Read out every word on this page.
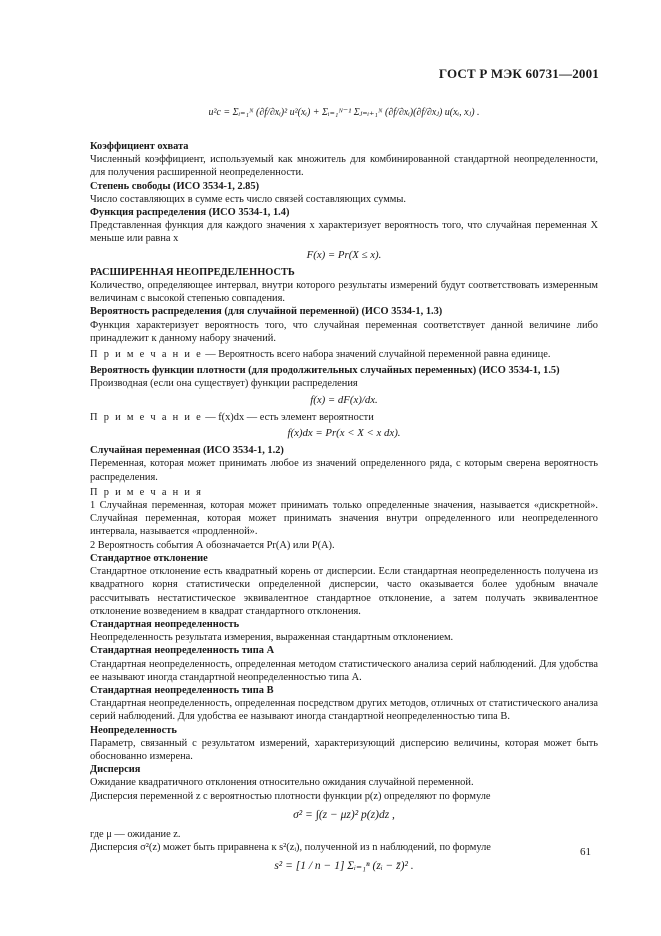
ГОСТ Р МЭК 60731—2001
u²c = Σᵢ₌₁ᴺ (∂f/∂xᵢ)² u²(xᵢ) + Σᵢ₌₁ᴺ⁻¹ Σⱼ₌ᵢ₊₁ᴺ (∂f/∂xᵢ)(∂f/∂xⱼ) u(xᵢ, xⱼ) .

Коэффициент охвата

Численный коэффициент, используемый как множитель для комбинированной стандартной неопределенности, для получения расширенной неопределенности.

Степень свободы (ИСО 3534-1, 2.85)

Число составляющих в сумме есть число связей составляющих суммы.

Функция распределения (ИСО 3534-1, 1.4)

Представленная функция для каждого значения x характеризует вероятность того, что случайная переменная X меньше или равна x

F(x) = Pr(X ≤ x).

РАСШИРЕННАЯ НЕОПРЕДЕЛЕННОСТЬ

Количество, определяющее интервал, внутри которого результаты измерений будут соответствовать измеренным величинам с высокой степенью совпадения.

Вероятность распределения (для случайной переменной) (ИСО 3534-1, 1.3)

Функция характеризует вероятность того, что случайная переменная соответствует данной величине либо принадлежит к данному набору значений.

П р и м е ч а н и е — Вероятность всего набора значений случайной переменной равна единице.

Вероятность функции плотности (для продолжительных случайных переменных) (ИСО 3534-1, 1.5)

Производная (если она существует) функции распределения

f(x) = dF(x)/dx.

П р и м е ч а н и е — f(x)dx — есть элемент вероятности

f(x)dx = Pr(x < X < x dx).

Случайная переменная (ИСО 3534-1, 1.2)

Переменная, которая может принимать любое из значений определенного ряда, с которым сверена вероятность распределения.

П р и м е ч а н и я

1 Случайная переменная, которая может принимать только определенные значения, называется «дискретной». Случайная переменная, которая может принимать значения внутри определенного или неопределенного интервала, называется «продленной».

2 Вероятность события А обозначается Pr(A) или P(A).

Стандартное отклонение

Стандартное отклонение есть квадратный корень от дисперсии. Если стандартная неопределенность получена из квадратного корня статистически определенной дисперсии, часто оказывается более удобным вначале рассчитывать нестатистическое эквивалентное стандартное отклонение, а затем получать эквивалентное отклонение возведением в квадрат стандартного отклонения.

Стандартная неопределенность

Неопределенность результата измерения, выраженная стандартным отклонением.

Стандартная неопределенность типа А

Стандартная неопределенность, определенная методом статистического анализа серий наблюдений. Для удобства ее называют иногда стандартной неопределенностью типа А.

Стандартная неопределенность типа В

Стандартная неопределенность, определенная посредством других методов, отличных от статистического анализа серий наблюдений. Для удобства ее называют иногда стандартной неопределенностью типа В.

Неопределенность

Параметр, связанный с результатом измерений, характеризующий дисперсию величины, которая может быть обоснованно измерена.

Дисперсия

Ожидание квадратичного отклонения относительно ожидания случайной переменной.

Дисперсия переменной z с вероятностью плотности функции p(z) определяют по формуле

σ² = ∫(z − μz)² p(z)dz ,

где μ — ожидание z.

Дисперсия σ²(z) может быть приравнена к s²(zᵢ), полученной из n наблюдений, по формуле

s² = [1 / n − 1] Σᵢ₌₁ⁿ (zᵢ − z̄)² .
61
